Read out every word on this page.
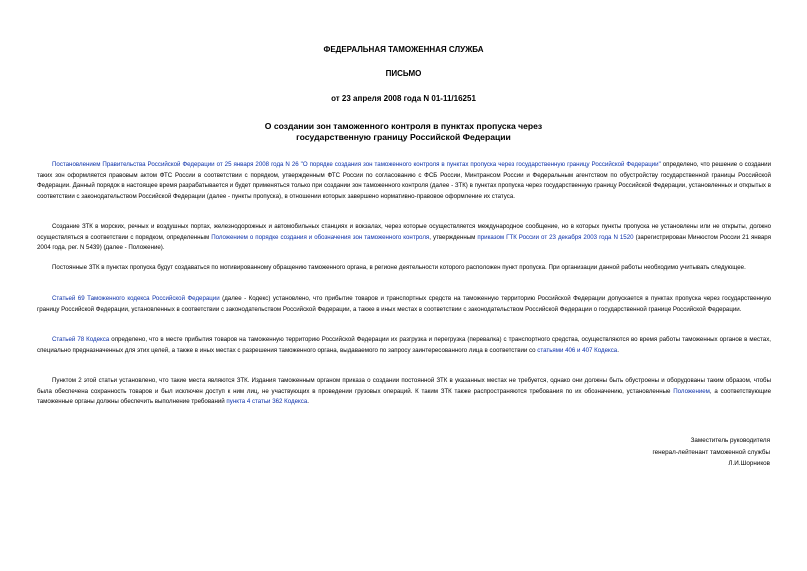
ФЕДЕРАЛЬНАЯ ТАМОЖЕННАЯ СЛУЖБА
ПИСЬМО
от 23 апреля 2008 года N 01-11/16251
О создании зон таможенного контроля в пунктах пропуска через
государственную границу Российской Федерации

Постановлением Правительства Российской Федерации от 25 января 2008 года N 26 "О порядке создания зон таможенного контроля в пунктах пропуска через государственную границу Российской Федерации" определено, что решение о создании таких зон оформляется правовым актом ФТС России в соответствии с порядком, утвержденным ФТС России по согласованию с ФСБ России, Минтрансом России и Федеральным агентством по обустройству государственной границы Российской Федерации. Данный порядок в настоящее время разрабатывается и будет применяться только при создании зон таможенного контроля (далее - ЗТК) в пунктах пропуска через государственную границу Российской Федерации, установленных и открытых в соответствии с законодательством Российской Федерации (далее - пункты пропуска), в отношении которых завершено нормативно-правовое оформление их статуса.

Создание ЗТК в морских, речных и воздушных портах, железнодорожных и автомобильных станциях и вокзалах, через которые осуществляется международное сообщение, но в которых пункты пропуска не установлены или не открыты, должно осуществляться в соответствии с порядком, определенным Положением о порядке создания и обозначения зон таможенного контроля, утвержденным приказом ГТК России от 23 декабря 2003 года N 1520 (зарегистрирован Минюстом России 21 января 2004 года, рег. N 5439) (далее - Положение).

Постоянные ЗТК в пунктах пропуска будут создаваться по мотивированному обращению таможенного органа, в регионе деятельности которого расположен пункт пропуска. При организации данной работы необходимо учитывать следующее.

Статьей 69 Таможенного кодекса Российской Федерации (далее - Кодекс) установлено, что прибытие товаров и транспортных средств на таможенную территорию Российской Федерации допускается в пунктах пропуска через государственную границу Российской Федерации, установленных в соответствии с законодательством Российской Федерации, а также в иных местах в соответствии с законодательством Российской Федерации о государственной границе Российской Федерации.

Статьей 78 Кодекса определено, что в месте прибытия товаров на таможенную территорию Российской Федерации их разгрузка и перегрузка (перевалка) с транспортного средства, осуществляются во время работы таможенных органов в местах, специально предназначенных для этих целей, а также в иных местах с разрешения таможенного органа, выдаваемого по запросу заинтересованного лица в соответствии со статьями 406 и 407 Кодекса.

Пунктом 2 этой статьи установлено, что такие места являются ЗТК. Издания таможенным органом приказа о создании постоянной ЗТК в указанных местах не требуется, однако они должны быть обустроены и оборудованы таким образом, чтобы была обеспечена сохранность товаров и был исключен доступ к ним лиц, не участвующих в проведении грузовых операций. К таким ЗТК также распространяются требования по их обозначению, установленные Положением, а соответствующие таможенные органы должны обеспечить выполнение требований пункта 4 статьи 362 Кодекса.

Заместитель руководителя
генерал-лейтенант таможенной службы
Л.И.Шорников
